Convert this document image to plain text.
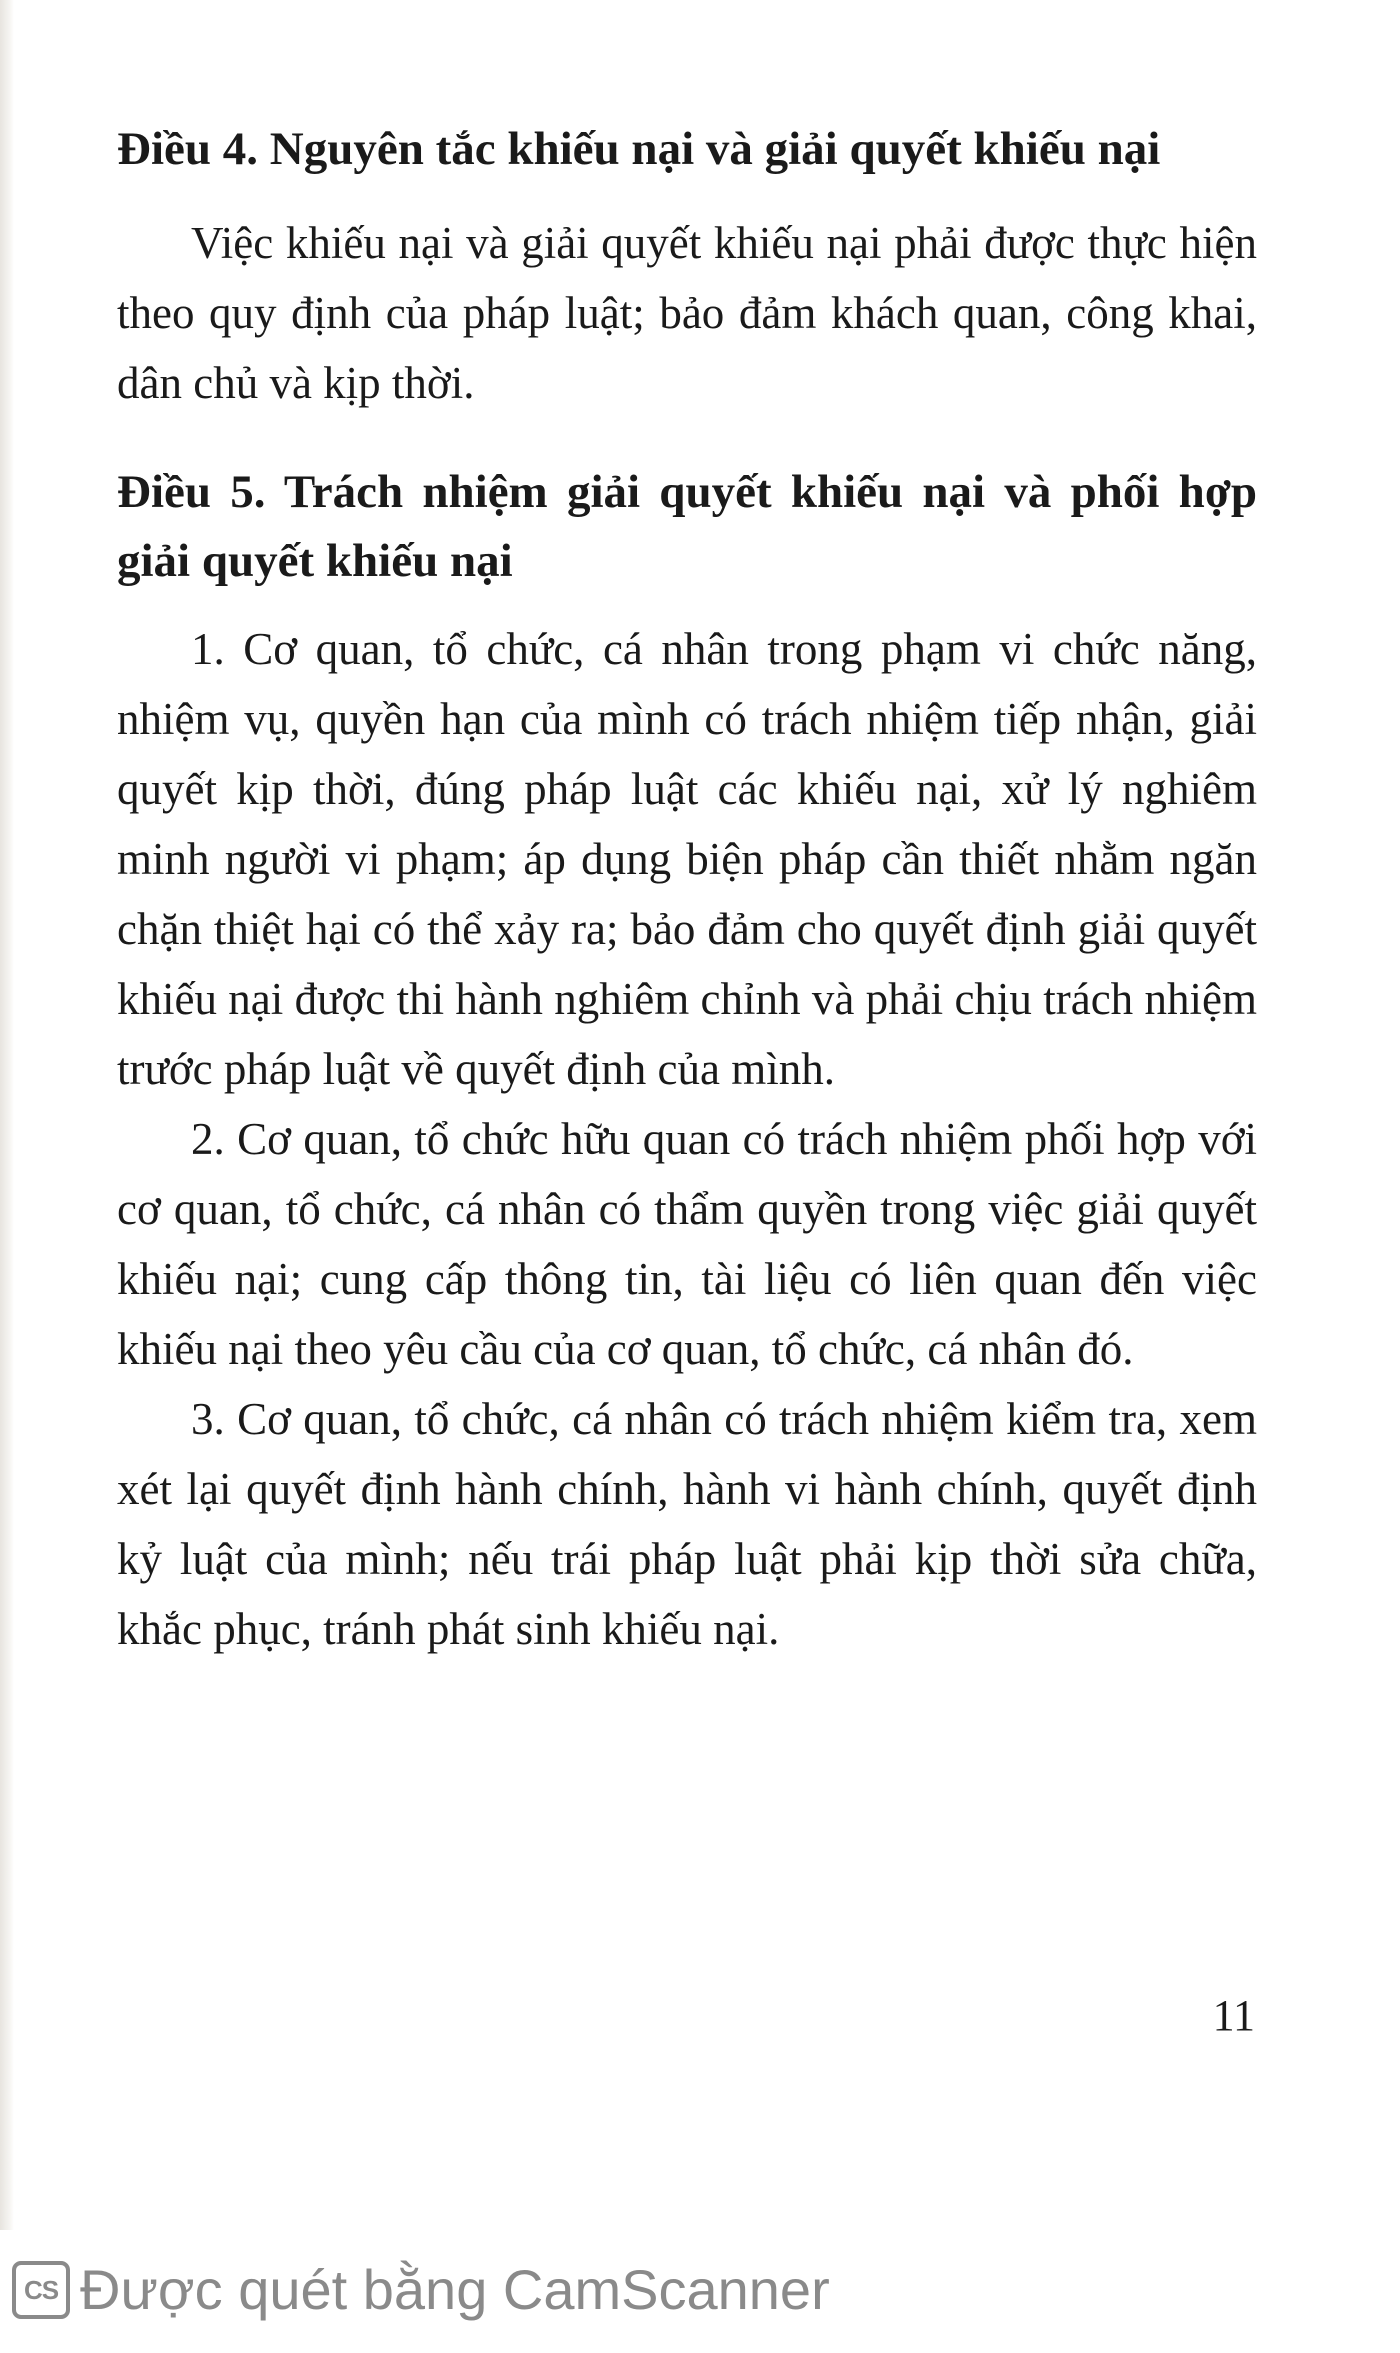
Điều 4. Nguyên tắc khiếu nại và giải quyết khiếu nại

Việc khiếu nại và giải quyết khiếu nại phải được thực hiện theo quy định của pháp luật; bảo đảm khách quan, công khai, dân chủ và kịp thời.

Điều 5. Trách nhiệm giải quyết khiếu nại và phối hợp giải quyết khiếu nại

1. Cơ quan, tổ chức, cá nhân trong phạm vi chức năng, nhiệm vụ, quyền hạn của mình có trách nhiệm tiếp nhận, giải quyết kịp thời, đúng pháp luật các khiếu nại, xử lý nghiêm minh người vi phạm; áp dụng biện pháp cần thiết nhằm ngăn chặn thiệt hại có thể xảy ra; bảo đảm cho quyết định giải quyết khiếu nại được thi hành nghiêm chỉnh và phải chịu trách nhiệm trước pháp luật về quyết định của mình.

2. Cơ quan, tổ chức hữu quan có trách nhiệm phối hợp với cơ quan, tổ chức, cá nhân có thẩm quyền trong việc giải quyết khiếu nại; cung cấp thông tin, tài liệu có liên quan đến việc khiếu nại theo yêu cầu của cơ quan, tổ chức, cá nhân đó.

3. Cơ quan, tổ chức, cá nhân có trách nhiệm kiểm tra, xem xét lại quyết định hành chính, hành vi hành chính, quyết định kỷ luật của mình; nếu trái pháp luật phải kịp thời sửa chữa, khắc phục, tránh phát sinh khiếu nại.

11

CS Được quét bằng CamScanner
